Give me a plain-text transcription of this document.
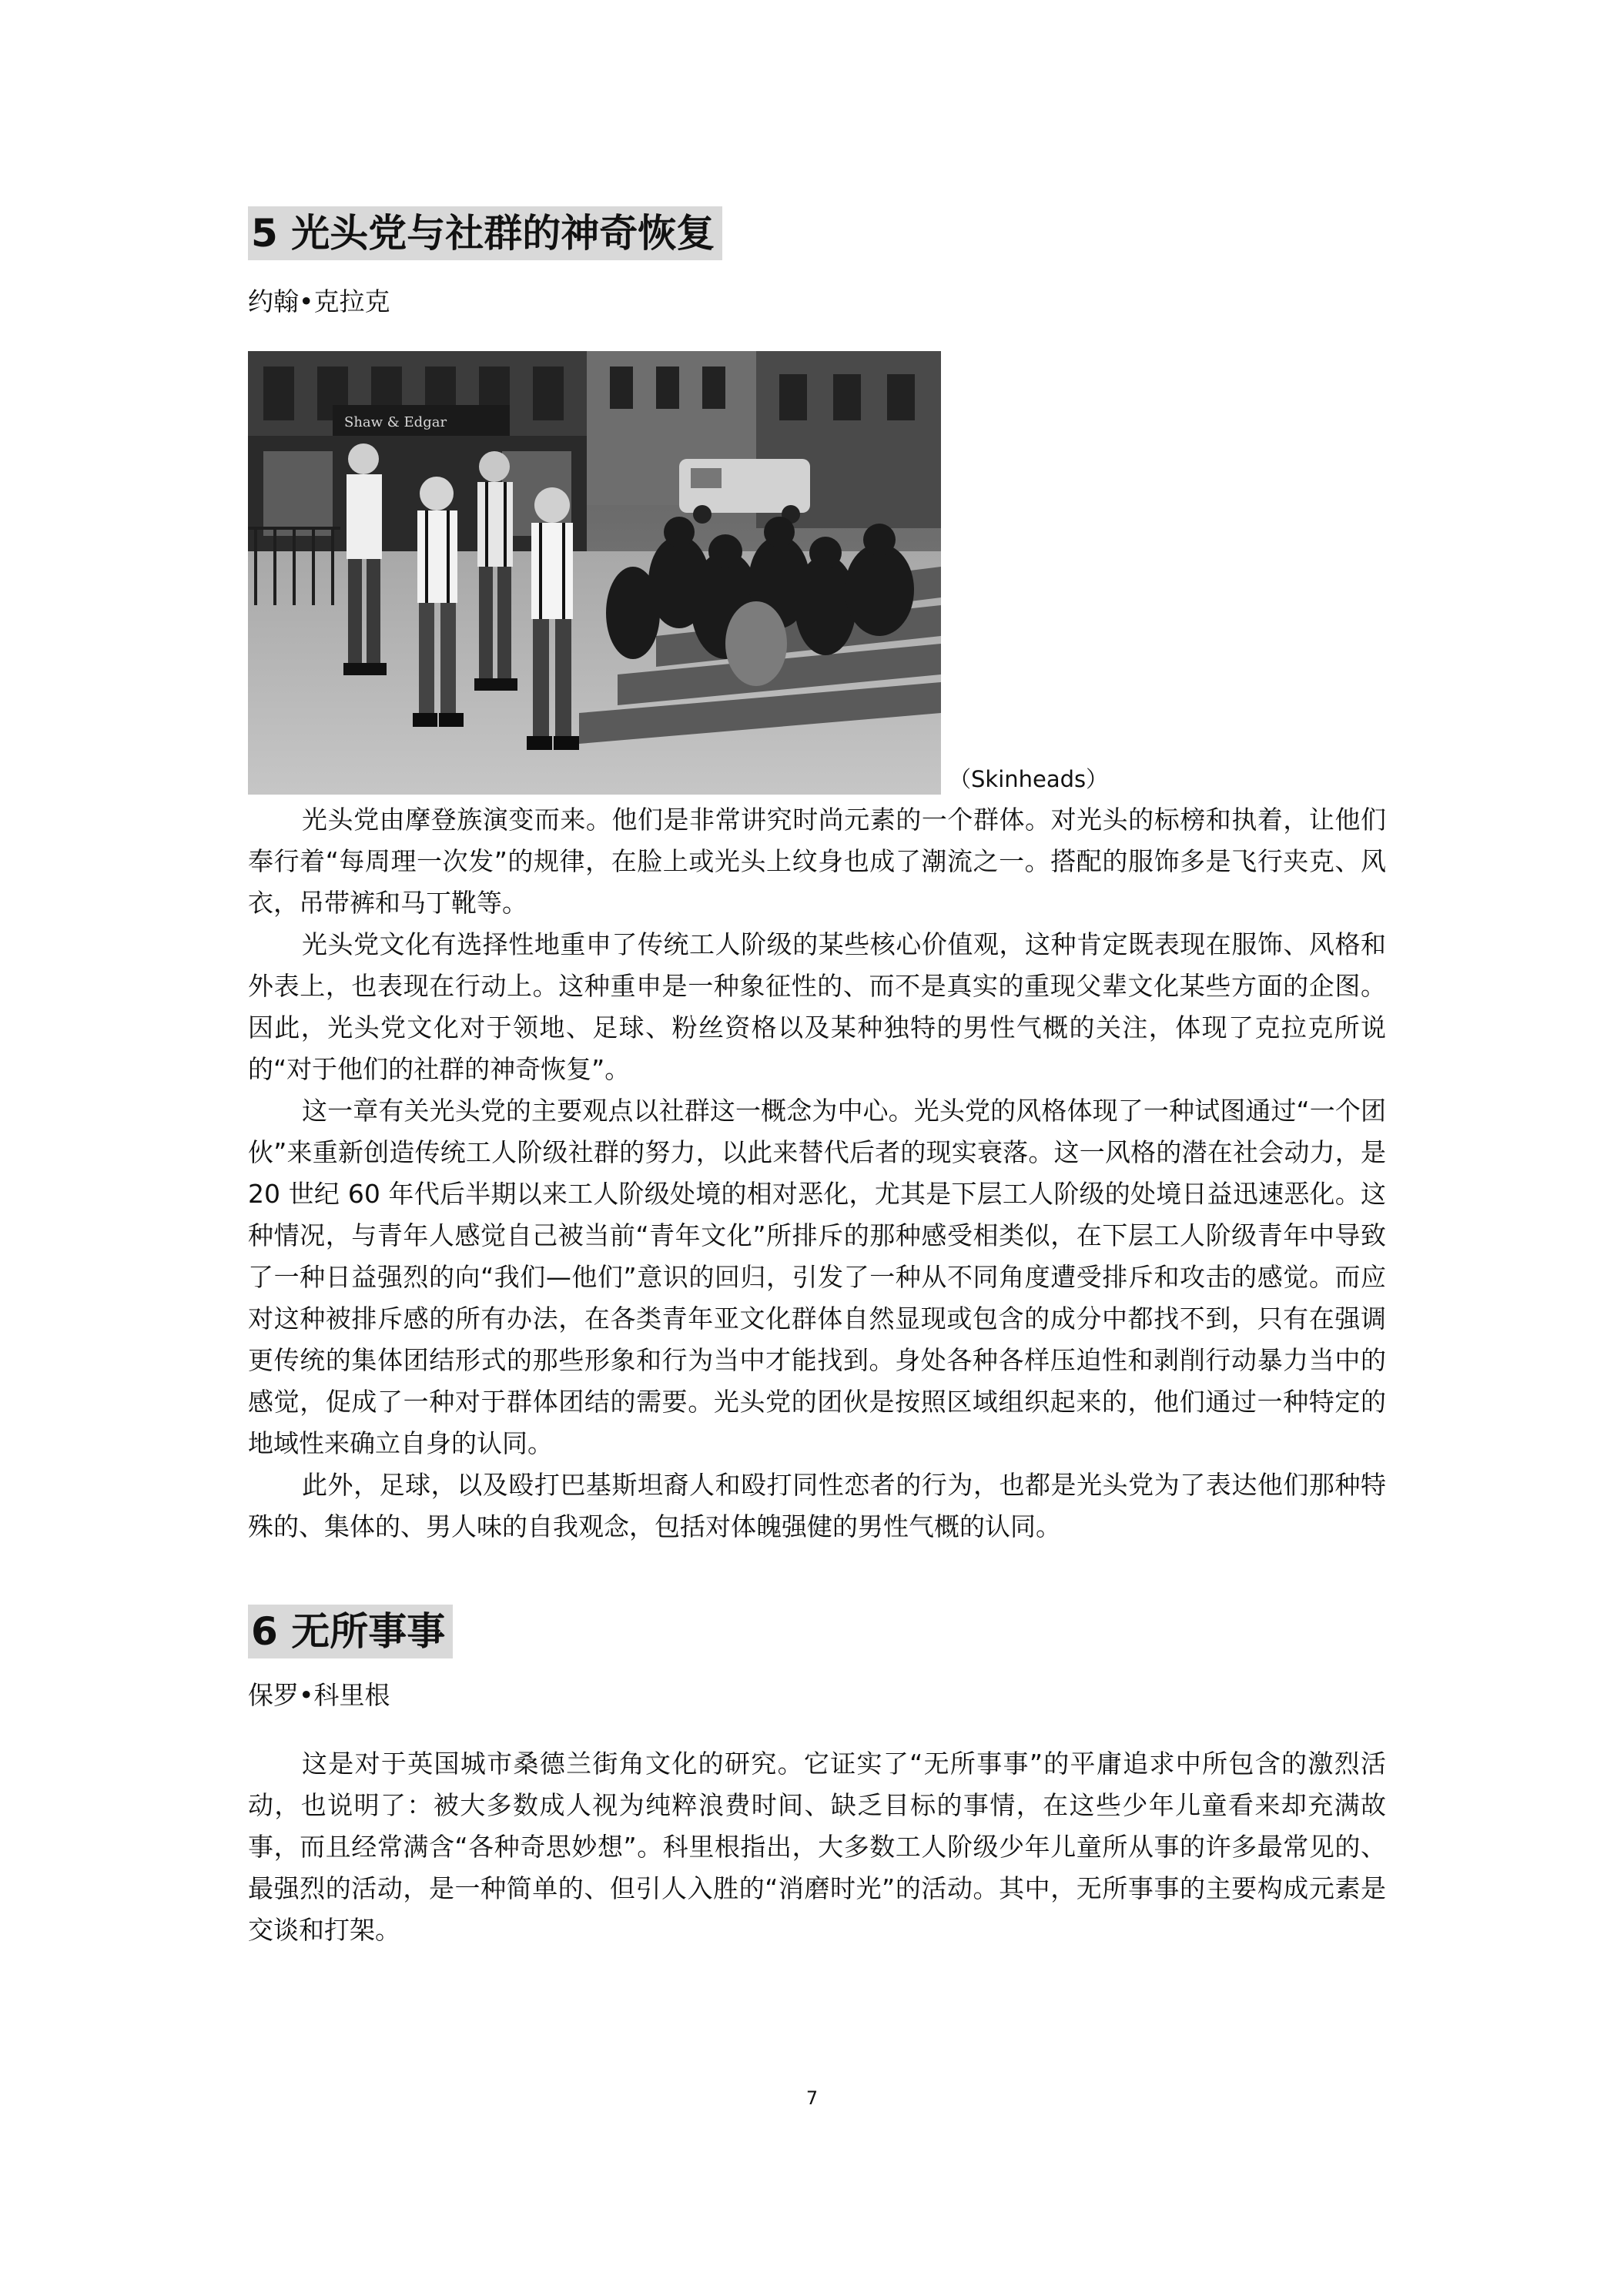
5 光头党与社群的神奇恢复
约翰•克拉克
Shaw & Edgar
（Skinheads）

光头党由摩登族演变而来。他们是非常讲究时尚元素的一个群体。对光头的标榜和执着，让他们奉行着“每周理一次发”的规律，在脸上或光头上纹身也成了潮流之一。搭配的服饰多是飞行夹克、风衣，吊带裤和马丁靴等。

光头党文化有选择性地重申了传统工人阶级的某些核心价值观，这种肯定既表现在服饰、风格和外表上，也表现在行动上。这种重申是一种象征性的、而不是真实的重现父辈文化某些方面的企图。因此，光头党文化对于领地、足球、粉丝资格以及某种独特的男性气概的关注，体现了克拉克所说的“对于他们的社群的神奇恢复”。

这一章有关光头党的主要观点以社群这一概念为中心。光头党的风格体现了一种试图通过“一个团伙”来重新创造传统工人阶级社群的努力，以此来替代后者的现实衰落。这一风格的潜在社会动力，是 20 世纪 60 年代后半期以来工人阶级处境的相对恶化，尤其是下层工人阶级的处境日益迅速恶化。这种情况，与青年人感觉自己被当前“青年文化”所排斥的那种感受相类似，在下层工人阶级青年中导致了一种日益强烈的向“我们—他们”意识的回归，引发了一种从不同角度遭受排斥和攻击的感觉。而应对这种被排斥感的所有办法，在各类青年亚文化群体自然显现或包含的成分中都找不到，只有在强调更传统的集体团结形式的那些形象和行为当中才能找到。身处各种各样压迫性和剥削行动暴力当中的感觉，促成了一种对于群体团结的需要。光头党的团伙是按照区域组织起来的，他们通过一种特定的地域性来确立自身的认同。

此外，足球，以及殴打巴基斯坦裔人和殴打同性恋者的行为，也都是光头党为了表达他们那种特殊的、集体的、男人味的自我观念，包括对体魄强健的男性气概的认同。

6 无所事事
保罗•科里根

这是对于英国城市桑德兰街角文化的研究。它证实了“无所事事”的平庸追求中所包含的激烈活动，也说明了：被大多数成人视为纯粹浪费时间、缺乏目标的事情，在这些少年儿童看来却充满故事，而且经常满含“各种奇思妙想”。科里根指出，大多数工人阶级少年儿童所从事的许多最常见的、最强烈的活动，是一种简单的、但引人入胜的“消磨时光”的活动。其中，无所事事的主要构成元素是交谈和打架。

7
